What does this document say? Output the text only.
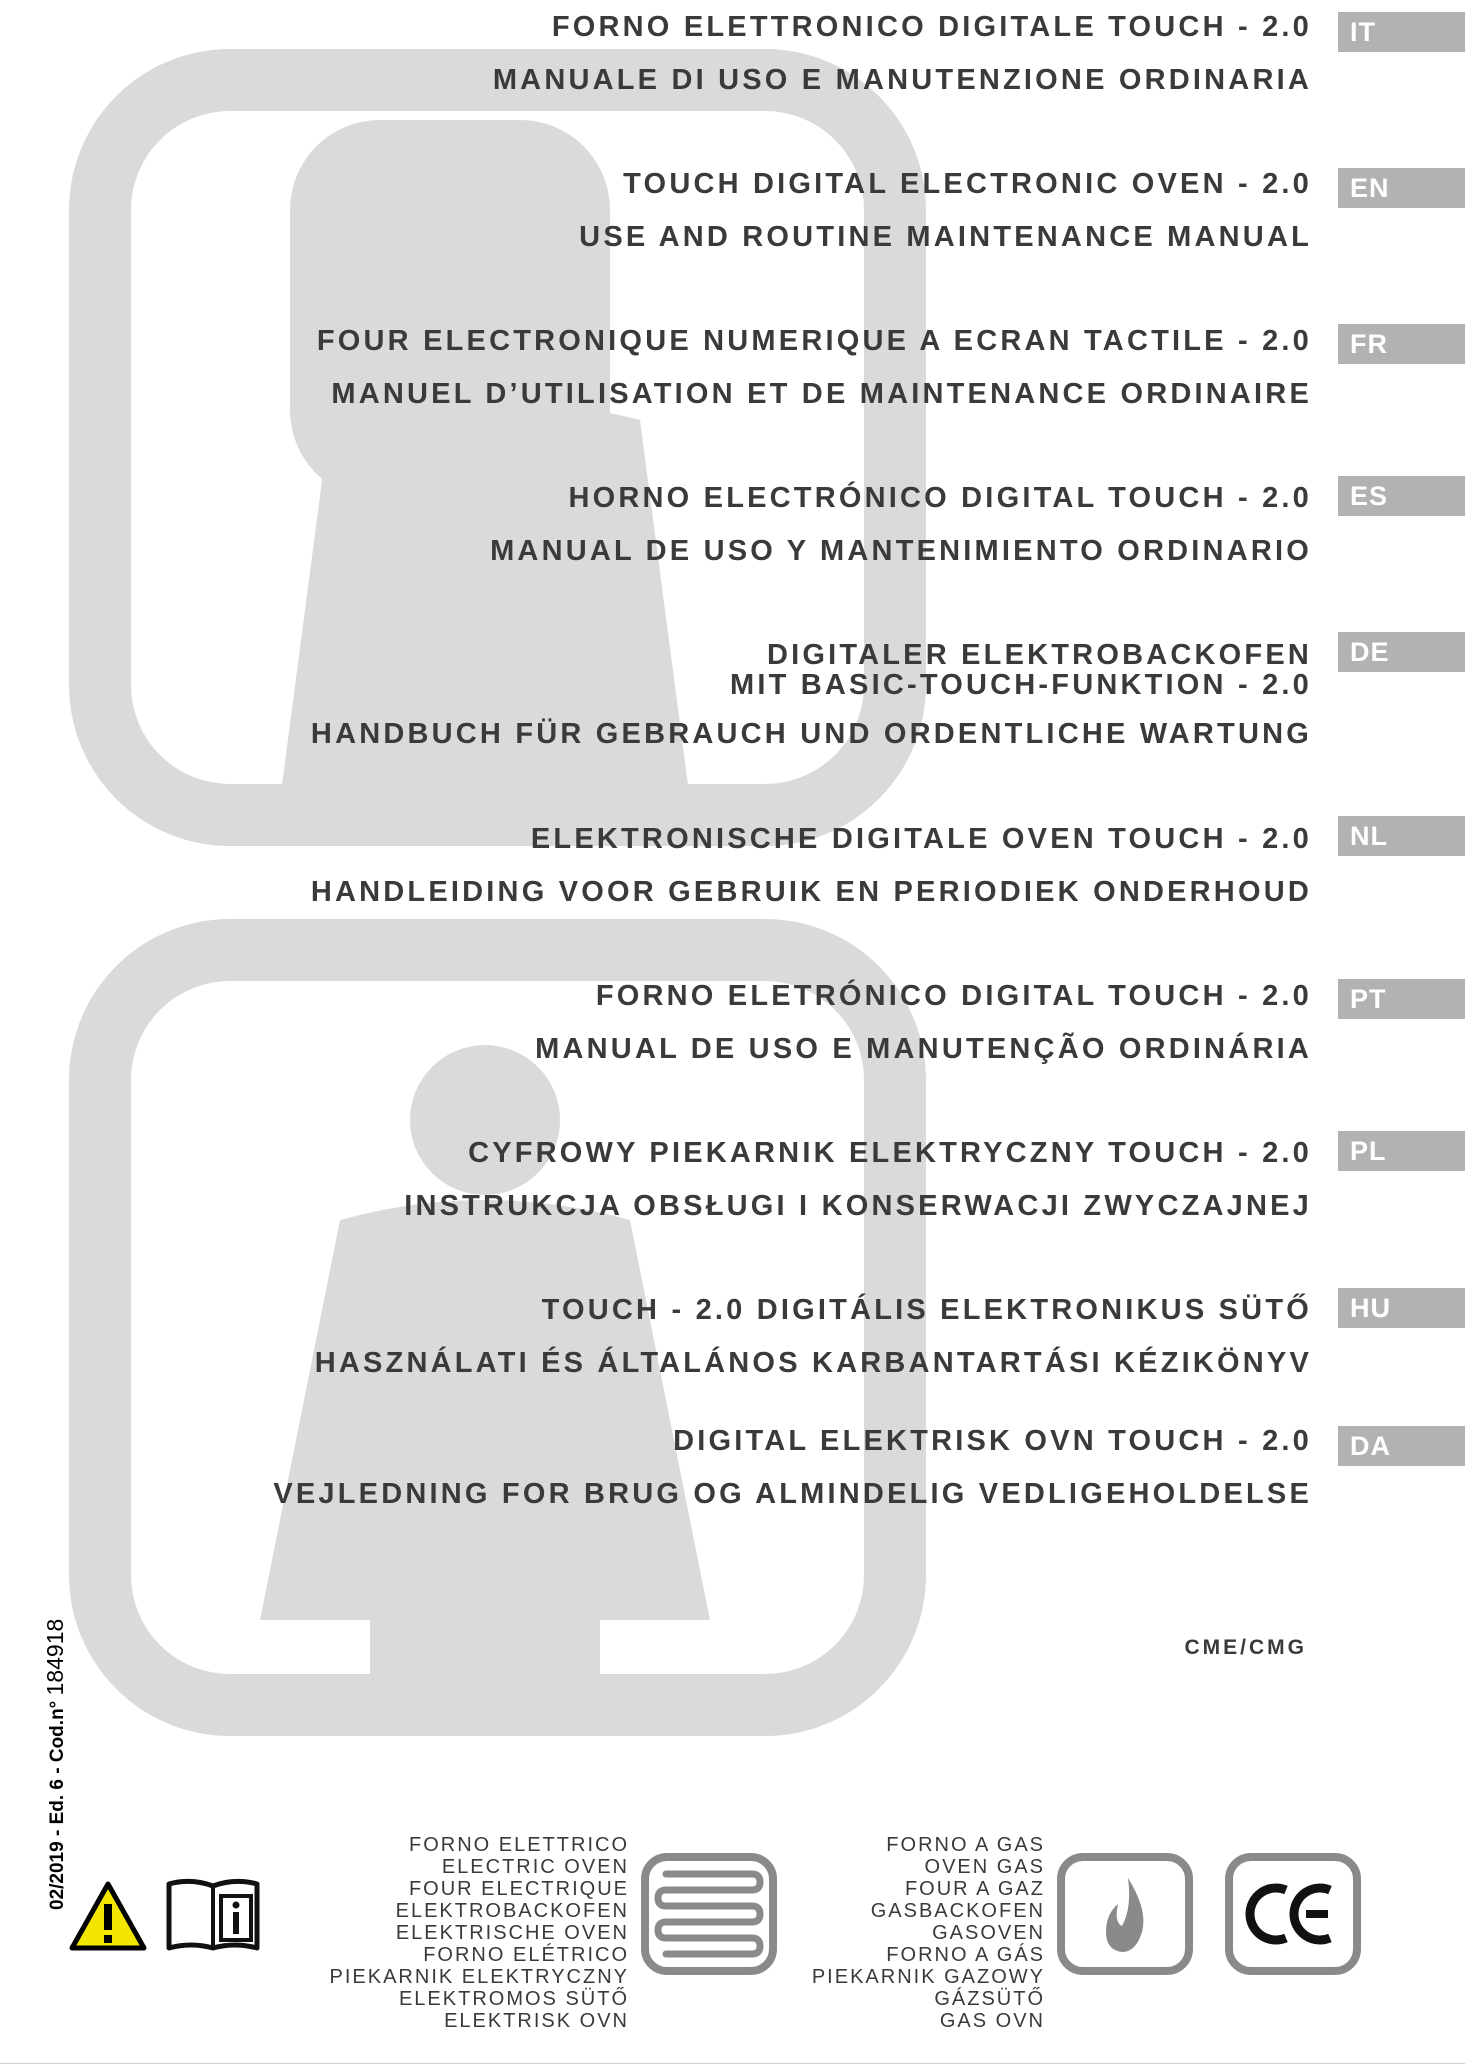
FORNO ELETTRONICO DIGITALE TOUCH - 2.0
MANUALE DI USO E MANUTENZIONE ORDINARIA
IT
TOUCH DIGITAL ELECTRONIC OVEN - 2.0
USE AND ROUTINE MAINTENANCE MANUAL
EN
FOUR ELECTRONIQUE NUMERIQUE A ECRAN TACTILE - 2.0
MANUEL D’UTILISATION ET DE MAINTENANCE ORDINAIRE
FR
HORNO ELECTRÓNICO DIGITAL TOUCH - 2.0
MANUAL DE USO Y MANTENIMIENTO ORDINARIO
ES
DIGITALER ELEKTROBACKOFEN
MIT BASIC-TOUCH-FUNKTION - 2.0
HANDBUCH FÜR GEBRAUCH UND ORDENTLICHE WARTUNG
DE
ELEKTRONISCHE DIGITALE OVEN TOUCH - 2.0
HANDLEIDING VOOR GEBRUIK EN PERIODIEK ONDERHOUD
NL
FORNO ELETRÓNICO DIGITAL TOUCH - 2.0
MANUAL DE USO E MANUTENÇÃO ORDINÁRIA
PT
CYFROWY PIEKARNIK ELEKTRYCZNY TOUCH - 2.0
INSTRUKCJA OBSŁUGI I KONSERWACJI ZWYCZAJNEJ
PL
TOUCH - 2.0 DIGITÁLIS ELEKTRONIKUS SÜTŐ
HASZNÁLATI ÉS ÁLTALÁNOS KARBANTARTÁSI KÉZIKÖNYV
HU
DIGITAL ELEKTRISK OVN TOUCH - 2.0
VEJLEDNING FOR BRUG OG ALMINDELIG VEDLIGEHOLDELSE
DA
CME/CMG
02/2019 - Ed. 6 - Cod.n° 184918
FORNO ELETTRICO
ELECTRIC OVEN
FOUR ELECTRIQUE
ELEKTROBACKOFEN
ELEKTRISCHE OVEN
FORNO ELÉTRICO
PIEKARNIK ELEKTRYCZNY
ELEKTROMOS SÜTŐ
ELEKTRISK OVN
FORNO A GAS
OVEN GAS
FOUR A GAZ
GASBACKOFEN
GASOVEN
FORNO A GÁS
PIEKARNIK GAZOWY
GÁZSÜTŐ
GAS OVN
